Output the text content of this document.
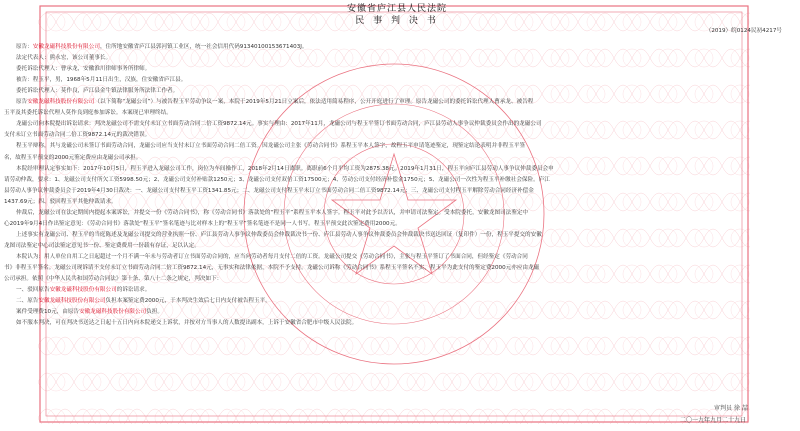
安徽省庐江县人民法院
民 事 判 决 书
（2019）皖0124民初4217号
原告：安徽龙磁科技股份有限公司，住所地安徽省庐江县郭河镇工业区，统一社会信用代码91340100153671403J。
法定代表人：熊永宏，该公司董事长。
委托诉讼代理人：曹承龙，安徽淮川律师事务所律师。
被告：程玉平，男，1968年5月11日出生，汉族，住安徽省庐江县。
委托诉讼代理人：莫作良，庐江县金牛镇法律服务所法律工作者。
原告安徽龙磁科技股份有限公司（以下简称“龙磁公司”）与被告程玉平劳动争议一案，本院于2019年5月21日立案后，依法适用简易程序，公开开庭进行了审理。原告龙磁公司的委托诉讼代理人曹承龙、被告程
玉平及其委托诉讼代理人莫作良到庭参加诉讼。本案现已审理终结。
龙磁公司向本院提出诉讼请求：判决龙磁公司不需支付未订立书面劳动合同二倍工资9872.14元。事实与理由：2017年11月，龙磁公司与程玉平签订书面劳动合同，庐江县劳动人事争议仲裁委员会作出的龙磁公司
支付未订立书面劳动合同二倍工资9872.14元的裁决错误。
程玉平辩称，其与龙磁公司未签订书面劳动合同，龙磁公司应当支付未订立书面劳动合同二倍工资。因龙磁公司主张《劳动合同书》系程玉平本人签字，故程玉平申请笔迹鉴定，现鉴定结论表明并非程玉平签
名，故程玉平预交的2000元鉴定费应由龙磁公司承担。
本院经审理认定事实如下：2017年10月5日，程玉平进入龙磁公司工作，岗位为车间操作工，2018年2月14日离职。离职前6个月平均工资为2875.38元。2019年1月31日，程玉平向庐江县劳动人事争议仲裁委员会申
请劳动仲裁，要求：1、龙磁公司支付所欠工资5998.50元；2、龙磁公司支付补贴款1250元；3、龙磁公司支付双倍工资17500元；4、劳动公司支付经济补偿金1750元；5、龙磁公司一次性为程玉平补缴社会保险。庐江
县劳动人事争议仲裁委员会于2019年4月30日裁决：一、龙磁公司支付程玉平工资1341.85元；二、龙磁公司支付程玉平未订立书面劳动合同二倍工资9872.14元；三、龙磁公司支付程玉平解除劳动合同经济补偿金
1437.69元；四、驳回程玉平其他仲裁请求。
仲裁后，龙磁公司在法定期间内提起本案诉讼，并提交一份《劳动合同书》，称《劳动合同书》落款处的“程玉平”系程玉平本人签字。程玉平对此予以否认，并申请司法鉴定。受本院委托，安徽龙图司法鉴定中
心2019年9月4日作出鉴定意见：《劳动合同书》落款处“程玉平”签名笔迹与比对样本上的“程玉平”签名笔迹不是同一人书写。程玉平预交此次鉴定费用2000元。
上述事实有龙磁公司、程玉平的当庭陈述及龙磁公司提交的营业执照一份、庐江县劳动人事争议仲裁委员会仲裁裁决书一份、庐江县劳动人事争议仲裁委员会仲裁裁决书送达回证（复印件）一份，程玉平提交的安徽
龙图司法鉴定中心司法鉴定意见书一份、鉴定费费用一份载有存证，足以认定。
本院认为：用人单位自用工之日起超过一个月不满一年未与劳动者订立书面劳动合同的，应当向劳动者每月支付二倍的工资。龙磁公司提交《劳动合同书》，主张与程玉平签订了书面合同，但经鉴定《劳动合同
书》非程玉平签名。龙磁公司现诉请不支付未订立书面劳动合同二倍工资9872.14元，无事实和法律依据，本院不予支持。龙磁公司诉称《劳动合同书》系程玉平签名不实，程玉平为此支付的鉴定费2000元亦应由龙磁
公司承担。依照《中华人民共和国劳动合同法》第十条、第八十二条之规定，判决如下：
一、驳回原告安徽龙磁科技股份有限公司的诉讼请求。
二、原告安徽龙磁科技股份有限公司负担本案鉴定费2000元，于本判决生效后七日内支付被告程玉平。
案件受理费10元，由原告安徽龙磁科技股份有限公司负担。
如不服本判决，可在判决书送达之日起十五日内向本院递交上诉状，并按对方当事人的人数提出副本，上诉于安徽省合肥市中级人民法院。
审判员 徐 喆
二〇一九年九月二十九日
